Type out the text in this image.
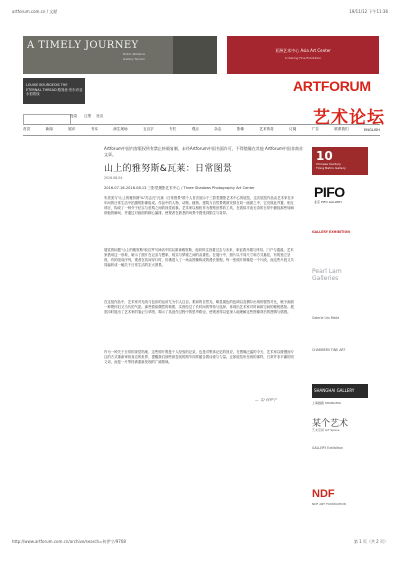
artforum.com.cn / 文献	19/11/12 下午11:36
A TIMELY JOURNEY
Robin Williams
Gallery Terrain
亚洲艺术中心 Asia Art Center
In Peking Fine Exhibition
LOUISE BOURGEOIS THE ETERNAL THREAD 路易丝·布尔乔亚 永恒的线	ARTFORUM
艺术论坛
搜索 注册 登录
首页	新闻	展评	书本	演生现场	五百字	专栏	观点	杂志	影像	艺术传奇	订阅	广告	联系我们	ENGLISH
Artforum中国内容版权所有禁止转载复制，未经Artforum中国书面许可，不得镜像在其他 Artforum中国非商业文章。
山上的雅努斯&瓦莱：日常图景
2016.08.04
2016.07.16-2016.08.13 三影堂摄影艺术中心 / Three Shadows Photography Art Center
朱美美与"山上的雅努斯"&"苏志瓦"瓦莱（日常图景"联个人首次展示于三影堂摄影艺术中心的展览，这次展览作品由艺术家在多年间的日常生活中拍摄的影像组成。作品中的人物、动物、植物、建筑与自然景观被安排在同一画面之中，它们彼此并置、相互呼应，构成了一种介于纪实与虚构之间的视觉叙事。艺术家以相机作为观察世界的工具，在看似平淡无奇的日常中捕捉那些转瞬即逝的瞬间，并通过对画面的精心编排，使观者在熟悉的场景中感受到陌生与奇异。
展览的标题"山上的雅努斯"取自罗马神话中的双面神雅努斯，他同时注视着过去与未来，象征着开端与终结、门户与通道。艺术家借用这一形象，暗示了照片在记录与想象、现实与梦境之间的双重性。在展厅中，照片以不同尺寸和方式悬挂，有的独立呈现，有的组成序列，观者在其间穿行时，仿佛进入了一场由图像构成的漫长旅程。每一张照片都像是一个片段，而这些片段又共同编织成一幅关于日常生活的宏大图景。
在这组作品中，艺术家对光线与色彩的运用尤为引人注目。柔和的自然光、略显褪色的色调以及偶尔出现的强烈对比，赋予画面一种既怀旧又当代的气质。那些看似偶然的构图，实则经过了长时间的等待与选择，体现出艺术家对时间和空间的敏锐感知。展览同时展出了艺术家的笔记与草图，揭示了其创作过程中的思考路径，使观者得以更深入地理解这些图像背后的逻辑与情感。
作为一种关于日常的视觉档案，这些照片既是个人经验的记录，也是对集体记忆的回应。在图像泛滥的今天，艺术家以缓慢而专注的方式重新审视身边的世界，提醒我们那些被忽视的细节同样蕴含着诗意与力量。正如展览所呈现的那样，日常并非平庸的同义词，而是一片等待被重新发现的广阔领域。
— 文/ 何伊宁
10
Chinese Century
Tiong Bahru Gallery
PIFO
北京 PIFO GALLERY
GALLERY EXHIBITION
Pearl Lam
Galleries
Galerie Urs Meile
CHAMBERS FINE ART
SHANGHAI GALLERY
上海画廊 SHANGHAI
某个艺术
艺术空间 Art Space
GALLERY Exhibition
NDF
NDF ART FOUNDATION
http://www.artforum.com.cn/archive/search=何伊宁/9768	第 1 页（共 2 页）
